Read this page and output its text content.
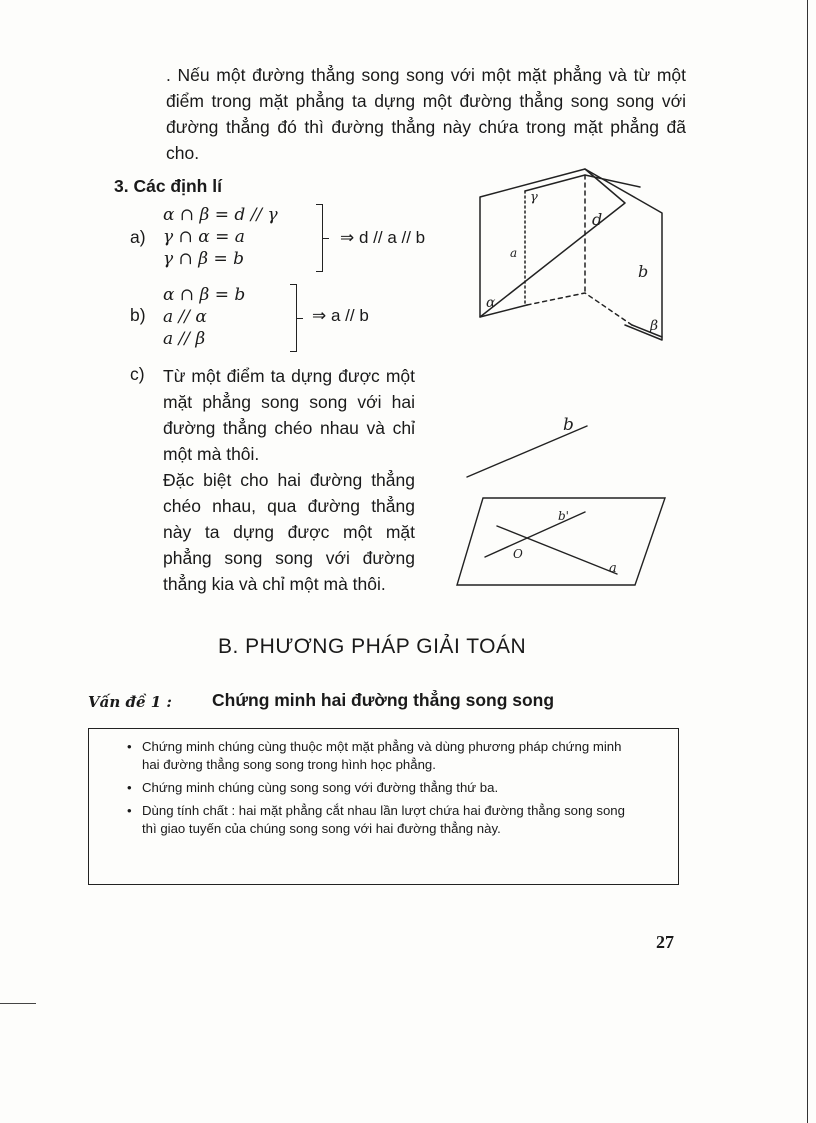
. Nếu một đường thẳng song song với một mặt phẳng và từ một điểm trong mặt phẳng ta dựng một đường thẳng song song với đường thẳng đó thì đường thẳng này chứa trong mặt phẳng đã cho.
3. Các định lí
a)
α ∩ β = d // γ
γ ∩ α = a
γ ∩ β = b
⇒ d // a // b
b)
α ∩ β = b
a // α
a // β
⇒ a // b
c) Từ một điểm ta dựng được một mặt phẳng song song với hai đường thẳng chéo nhau và chỉ một mà thôi.
Đặc biệt cho hai đường thẳng chéo nhau, qua đường thẳng này ta dựng được một mặt phẳng song song với đường thẳng kia và chỉ một mà thôi.
γ
d
a
b
α
β
b
b'
O
a
B. PHƯƠNG PHÁP GIẢI TOÁN
Vấn đề 1 : Chứng minh hai đường thẳng song song
• Chứng minh chúng cùng thuộc một mặt phẳng và dùng phương pháp chứng minh hai đường thẳng song song trong hình học phẳng.
• Chứng minh chúng cùng song song với đường thẳng thứ ba.
• Dùng tính chất : hai mặt phẳng cắt nhau lần lượt chứa hai đường thẳng song song thì giao tuyến của chúng song song với hai đường thẳng này.
27
